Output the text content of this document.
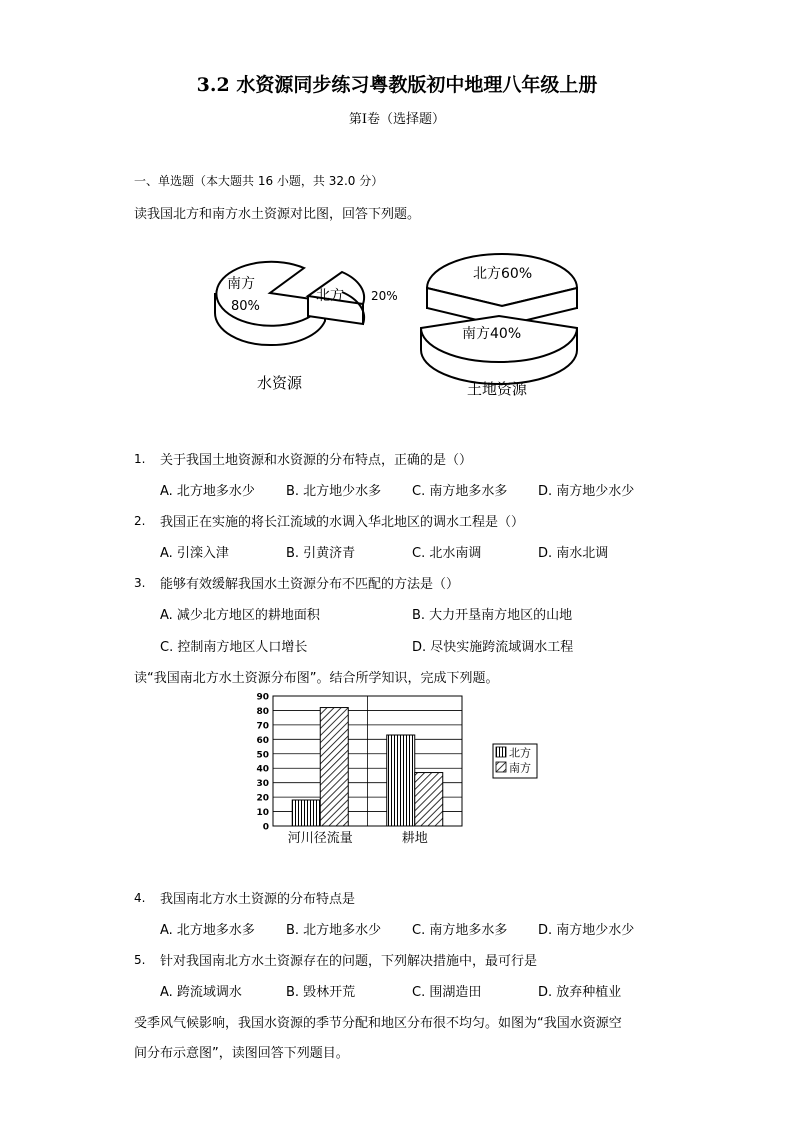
3.2 水资源同步练习粤教版初中地理八年级上册
第I卷（选择题）
一、单选题（本大题共 16 小题，共 32.0 分）
读我国北方和南方水土资源对比图，回答下列题。
南方
80%
北方 20%
水资源
北方60%
南方40%
土地资源
1. 关于我国土地资源和水资源的分布特点，正确的是（）
A. 北方地多水少 B. 北方地少水多 C. 南方地多水多 D. 南方地少水少
2. 我国正在实施的将长江流域的水调入华北地区的调水工程是（）
A. 引滦入津	B. 引黄济青	C. 北水南调	D. 南水北调
3. 能够有效缓解我国水土资源分布不匹配的方法是（）
A. 减少北方地区的耕地面积	B. 大力开垦南方地区的山地
C. 控制南方地区人口增长	D. 尽快实施跨流域调水工程
读“我国南北方水土资源分布图”。结合所学知识，完成下列题。
0
10
20
30
40
50
60
70
80
90
河川径流量	耕地
北方
南方
4. 我国南北方水土资源的分布特点是
A. 北方地多水多 B. 北方地多水少 C. 南方地多水多 D. 南方地少水少
5. 针对我国南北方水土资源存在的问题，下列解决措施中，最可行是
A. 跨流域调水	B. 毁林开荒	C. 围湖造田	D. 放弃种植业
受季风气候影响，我国水资源的季节分配和地区分布很不均匀。如图为“我国水资源空
间分布示意图”，读图回答下列题目。
